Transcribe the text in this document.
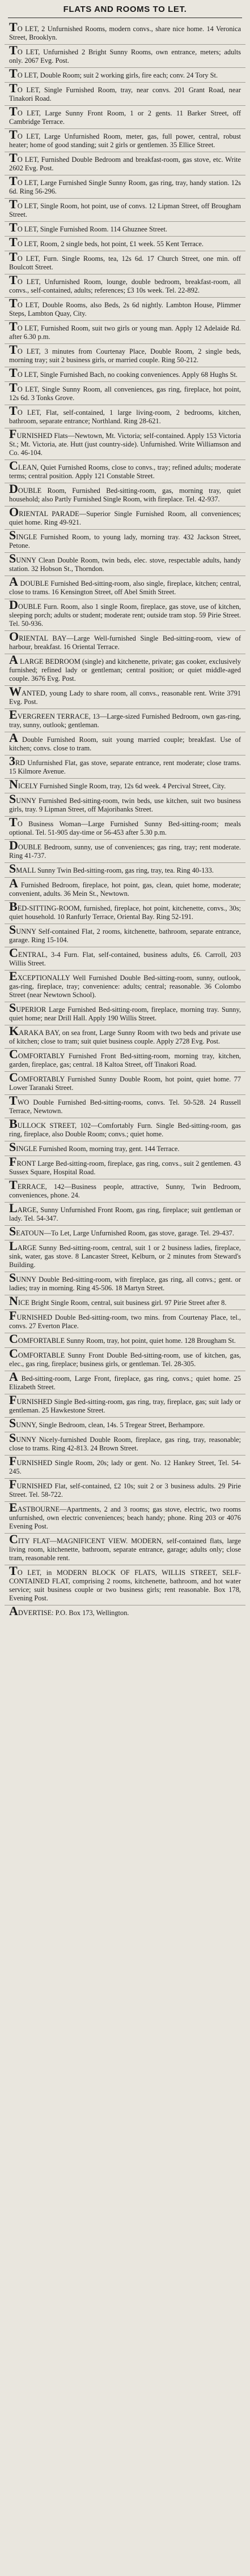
FLATS AND ROOMS TO LET.
TO LET, 2 Unfurnished Rooms, modern convs., share nice home. 14 Veronica Street, Brooklyn.
TO LET, Unfurnished 2 Bright Sunny Rooms, own entrance, meters; adults only. 2067 Evg. Post.
TO LET, Double Room; suit 2 working girls, fire each; conv. 24 Tory St.
TO LET, Single Furnished Room, tray, near convs. 201 Grant Road, near Tinakori Road.
TO LET, Large Sunny Front Room, 1 or 2 gents. 11 Barker Street, off Cambridge Terrace.
TO LET, Large Unfurnished Room, meter, gas, full power, central, robust heater; home of good standing; suit 2 girls or gentlemen. 35 Ellice Street.
TO LET, Furnished Double Bedroom and breakfast-room, gas stove, etc. Write 2602 Evg. Post.
TO LET, Large Furnished Single Sunny Room, gas ring, tray, handy station. 12s 6d. Ring 56-296.
TO LET, Single Room, hot point, use of convs. 12 Lipman Street, off Brougham Street.
TO LET, Single Furnished Room. 114 Ghuznee Street.
TO LET, Room, 2 single beds, hot point, £1 week. 55 Kent Terrace.
TO LET, Furn. Single Rooms, tea, 12s 6d. 17 Church Street, one min. off Boulcott Street.
TO LET, Unfurnished Room, lounge, double bedroom, breakfast-room, all convs., self-contained, adults; references; £3 10s week. Tel. 22-892.
TO LET, Double Rooms, also Beds, 2s 6d nightly. Lambton House, Plimmer Steps, Lambton Quay, City.
TO LET, Furnished Room, suit two girls or young man. Apply 12 Adelaide Rd. after 6.30 p.m.
TO LET, 3 minutes from Courtenay Place, Double Room, 2 single beds, morning tray; suit 2 business girls, or married couple. Ring 50-212.
TO LET, Single Furnished Bach, no cooking conveniences. Apply 68 Hughs St.
TO LET, Single Sunny Room, all conveniences, gas ring, fireplace, hot point, 12s 6d. 3 Tonks Grove.
TO LET, Flat, self-contained, 1 large living-room, 2 bedrooms, kitchen, bathroom, separate entrance; Northland. Ring 28-621.
FURNISHED Flats—Newtown, Mt. Victoria; self-contained. Apply 153 Victoria St.; Mt. Victoria, ate. Hutt (just country-side). Unfurnished. Write Williamson and Co. 46-104.
CLEAN, Quiet Furnished Rooms, close to convs., tray; refined adults; moderate terms; central position. Apply 121 Constable Street.
DOUBLE Room, Furnished Bed-sitting-room, gas, morning tray, quiet household; also Partly Furnished Single Room, with fireplace. Tel. 42-937.
ORIENTAL PARADE—Superior Single Furnished Room, all conveniences; quiet home. Ring 49-921.
SINGLE Furnished Room, to young lady, morning tray. 432 Jackson Street, Petone.
SUNNY Clean Double Room, twin beds, elec. stove, respectable adults, handy station. 32 Hobson St., Thorndon.
A DOUBLE Furnished Bed-sitting-room, also single, fireplace, kitchen; central, close to trams. 16 Kensington Street, off Abel Smith Street.
DOUBLE Furn. Room, also 1 single Room, fireplace, gas stove, use of kitchen, sleeping porch; adults or student; moderate rent; outside tram stop. 59 Pirie Street. Tel. 50-936.
ORIENTAL BAY—Large Well-furnished Single Bed-sitting-room, view of harbour, breakfast. 16 Oriental Terrace.
A LARGE BEDROOM (single) and kitchenette, private; gas cooker, exclusively furnished; refined lady or gentleman; central position; or quiet middle-aged couple. 3676 Evg. Post.
WANTED, young Lady to share room, all convs., reasonable rent. Write 3791 Evg. Post.
EVERGREEN TERRACE, 13—Large-sized Furnished Bedroom, own gas-ring, tray, sunny, outlook; gentleman.
A Double Furnished Room, suit young married couple; breakfast. Use of kitchen; convs. close to tram.
3RD Unfurnished Flat, gas stove, separate entrance, rent moderate; close trams. 15 Kilmore Avenue.
NICELY Furnished Single Room, tray, 12s 6d week. 4 Percival Street, City.
SUNNY Furnished Bed-sitting-room, twin beds, use kitchen, suit two business girls, tray. 9 Lipman Street, off Majoribanks Street.
TO Business Woman—Large Furnished Sunny Bed-sitting-room; meals optional. Tel. 51-905 day-time or 56-453 after 5.30 p.m.
DOUBLE Bedroom, sunny, use of conveniences; gas ring, tray; rent moderate. Ring 41-737.
SMALL Sunny Twin Bed-sitting-room, gas ring, tray, tea. Ring 40-133.
A Furnished Bedroom, fireplace, hot point, gas, clean, quiet home, moderate; convenient, adults. 36 Mein St., Newtown.
BED-SITTING-ROOM, furnished, fireplace, hot point, kitchenette, convs., 30s; quiet household. 10 Ranfurly Terrace, Oriental Bay. Ring 52-191.
SUNNY Self-contained Flat, 2 rooms, kitchenette, bathroom, separate entrance, garage. Ring 15-104.
CENTRAL, 3-4 Furn. Flat, self-contained, business adults, £6. Carroll, 203 Willis Street.
EXCEPTIONALLY Well Furnished Double Bed-sitting-room, sunny, outlook, gas-ring, fireplace, tray; convenience: adults; central; reasonable. 36 Colombo Street (near Newtown School).
SUPERIOR Large Furnished Bed-sitting-room, fireplace, morning tray. Sunny, quiet home; near Drill Hall. Apply 190 Willis Street.
KARAKA BAY, on sea front, Large Sunny Room with two beds and private use of kitchen; close to tram; suit quiet business couple. Apply 2728 Evg. Post.
COMFORTABLY Furnished Front Bed-sitting-room, morning tray, kitchen, garden, fireplace, gas; central. 18 Kaltoa Street, off Tinakori Road.
COMFORTABLY Furnished Sunny Double Room, hot point, quiet home. 77 Lower Taranaki Street.
TWO Double Furnished Bed-sitting-rooms, convs. Tel. 50-528. 24 Russell Terrace, Newtown.
BULLOCK STREET, 102—Comfortably Furn. Single Bed-sitting-room, gas ring, fireplace, also Double Room; convs.; quiet home.
SINGLE Furnished Room, morning tray, gent. 144 Terrace.
FRONT Large Bed-sitting-room, fireplace, gas ring, convs., suit 2 gentlemen. 43 Sussex Square, Hospital Road.
TERRACE, 142—Business people, attractive, Sunny, Twin Bedroom, conveniences, phone. 24.
LARGE, Sunny Unfurnished Front Room, gas ring, fireplace; suit gentleman or lady. Tel. 54-347.
SEATOUN—To Let, Large Unfurnished Room, gas stove, garage. Tel. 29-437.
LARGE Sunny Bed-sitting-room, central, suit 1 or 2 business ladies, fireplace, sink, water, gas stove. 8 Lancaster Street, Kelburn, or 2 minutes from Steward's Building.
SUNNY Double Bed-sitting-room, with fireplace, gas ring, all convs.; gent. or ladies; tray in morning. Ring 45-506. 18 Martyn Street.
NICE Bright Single Room, central, suit business girl. 97 Pirie Street after 8.
FURNISHED Double Bed-sitting-room, two mins. from Courtenay Place, tel., convs. 27 Everton Place.
COMFORTABLE Sunny Room, tray, hot point, quiet home. 128 Brougham St.
COMFORTABLE Sunny Front Double Bed-sitting-room, use of kitchen, gas, elec., gas ring, fireplace; business girls, or gentleman. Tel. 28-305.
A Bed-sitting-room, Large Front, fireplace, gas ring, convs.; quiet home. 25 Elizabeth Street.
FURNISHED Single Bed-sitting-room, gas ring, tray, fireplace, gas; suit lady or gentleman. 25 Hawkestone Street.
SUNNY, Single Bedroom, clean, 14s. 5 Tregear Street, Berhampore.
SUNNY Nicely-furnished Double Room, fireplace, gas ring, tray, reasonable; close to trams. Ring 42-813. 24 Brown Street.
FURNISHED Single Room, 20s; lady or gent. No. 12 Hankey Street, Tel. 54-245.
FURNISHED Flat, self-contained, £2 10s; suit 2 or 3 business adults. 29 Pirie Street. Tel. 58-722.
EASTBOURNE—Apartments, 2 and 3 rooms; gas stove, electric, two rooms unfurnished, own electric conveniences; beach handy; phone. Ring 203 or 4076 Evening Post.
CITY FLAT—MAGNIFICENT VIEW. MODERN, self-contained flats, large living room, kitchenette, bathroom, separate entrance, garage; adults only; close tram, reasonable rent.
TO LET, in MODERN BLOCK OF FLATS, WILLIS STREET, SELF-CONTAINED FLAT, comprising 2 rooms, kitchenette, bathroom, and hot water service; suit business couple or two business girls; rent reasonable. Box 178, Evening Post.
ADVERTISE: P.O. Box 173, Wellington.
